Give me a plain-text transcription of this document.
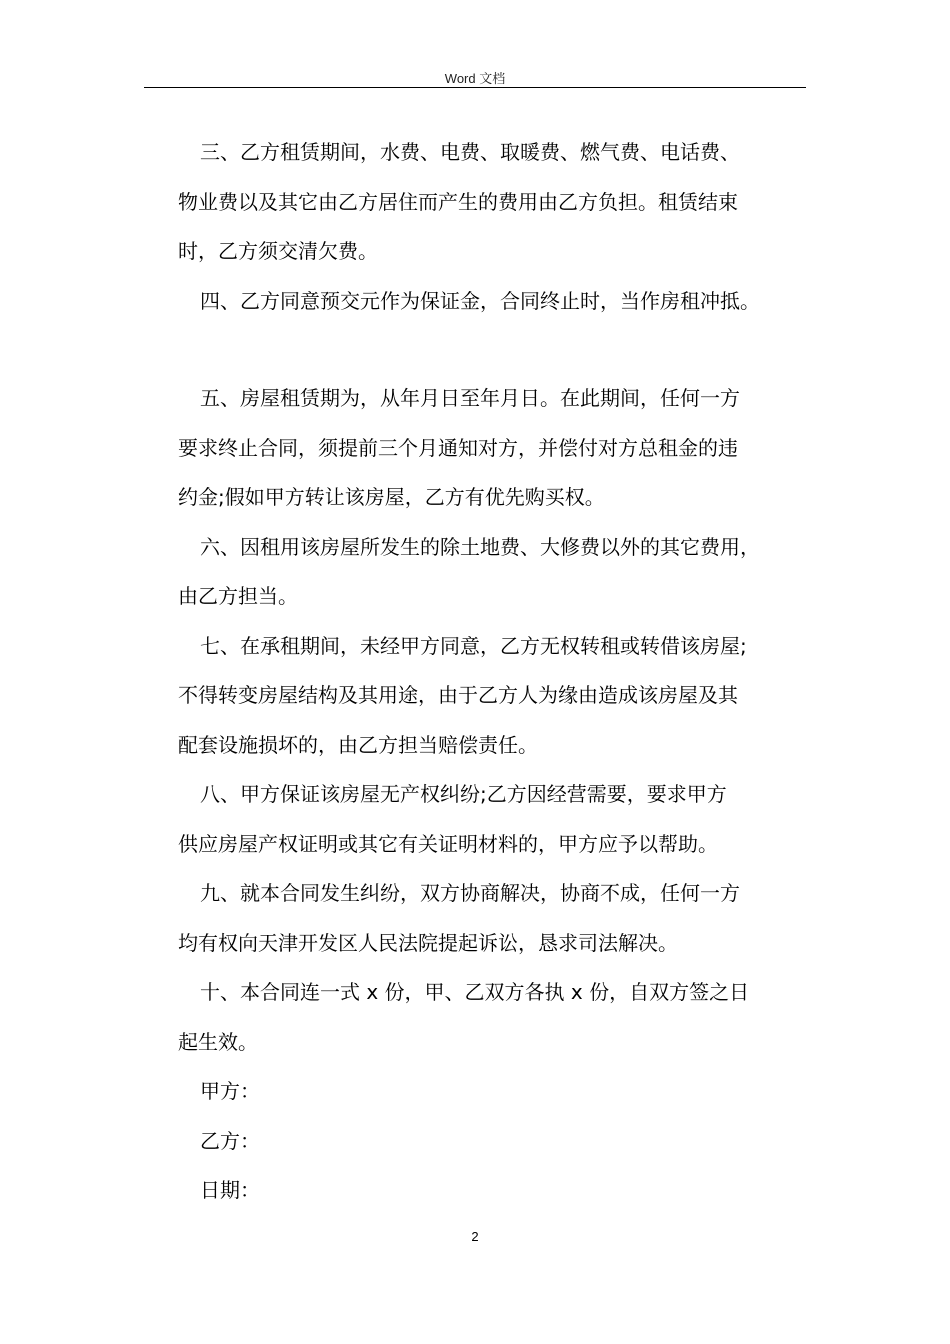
Word 文档
三、乙方租赁期间，水费、电费、取暖费、燃气费、电话费、
物业费以及其它由乙方居住而产生的费用由乙方负担。租赁结束
时，乙方须交清欠费。
四、乙方同意预交元作为保证金，合同终止时，当作房租冲抵。
五、房屋租赁期为，从年月日至年月日。在此期间，任何一方
要求终止合同，须提前三个月通知对方，并偿付对方总租金的违
约金;假如甲方转让该房屋，乙方有优先购买权。
六、因租用该房屋所发生的除土地费、大修费以外的其它费用，
由乙方担当。
七、在承租期间，未经甲方同意，乙方无权转租或转借该房屋;
不得转变房屋结构及其用途，由于乙方人为缘由造成该房屋及其
配套设施损坏的，由乙方担当赔偿责任。
八、甲方保证该房屋无产权纠纷;乙方因经营需要，要求甲方
供应房屋产权证明或其它有关证明材料的，甲方应予以帮助。
九、就本合同发生纠纷，双方协商解决，协商不成，任何一方
均有权向天津开发区人民法院提起诉讼，恳求司法解决。
十、本合同连一式 x 份，甲、乙双方各执 x 份，自双方签之日
起生效。
甲方：
乙方：
日期：
2
